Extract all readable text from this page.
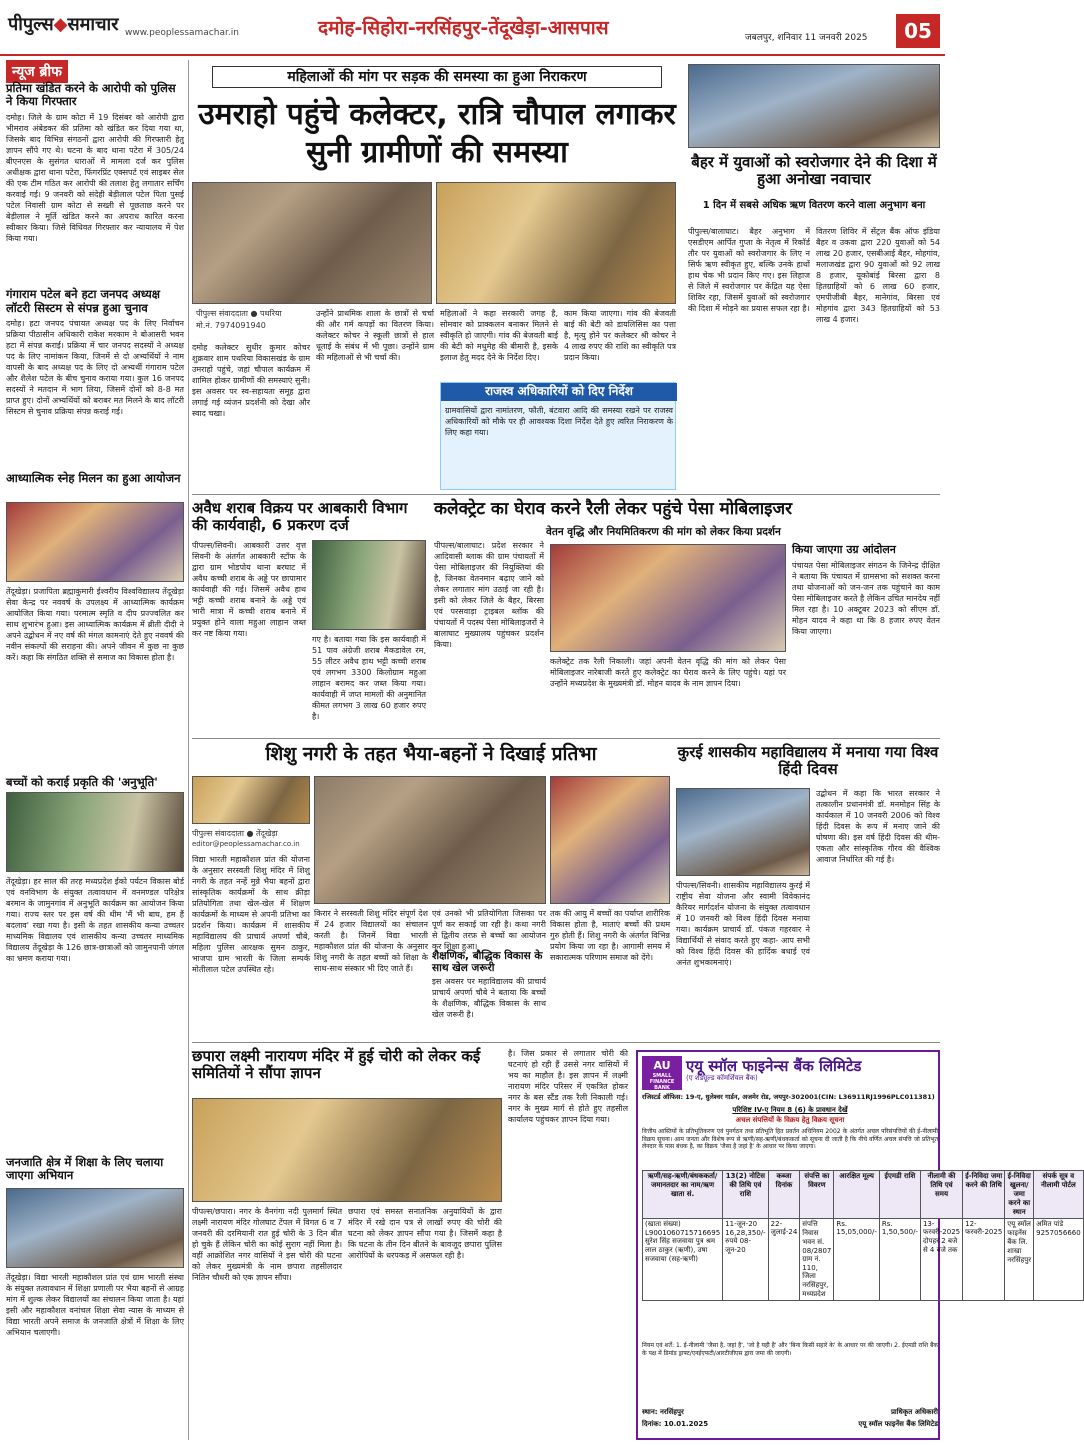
पीपुल्स◆समाचार www.peoplessamachar.in	दमोह-सिहोरा-नरसिंहपुर-तेंदूखेड़ा-आसपास	जबलपुर, शनिवार 11 जनवरी 2025	05
न्यूज ब्रीफ
प्रतिमा खंडित करने के आरोपी को पुलिस ने किया गिरफ्तार
दमोह। जिले के ग्राम कोटा में 19 दिसंबर को आरोपी द्वारा भीमराव अंबेडकर की प्रतिमा को खंडित कर दिया गया था, जिसके बाद विभिन्न संगठनों द्वारा आरोपी की गिरफ्तारी हेतु ज्ञापन सौंपे गए थे। घटना के बाद थाना पटेरा में 305/24 बीएनएस के सुसंगत धाराओं में मामला दर्ज कर पुलिस अधीक्षक द्वारा थाना पटेरा, फिंगरप्रिंट एक्सपर्ट एवं साइबर सेल की एक टीम गठित कर आरोपी की तलाश हेतु लगातार सर्चिंग करवाई गई। 9 जनवरी को संदेही बेड़ीलाल पटेल पिता पुसई पटेल निवासी ग्राम कोटा से सख्ती से पूछताछ करने पर बेड़ीलाल ने मूर्ति खंडित करने का अपराध कारित करना स्वीकार किया। जिसे विधिवत गिरफ्तार कर न्यायालय में पेश किया गया।
गंगाराम पटेल बने हटा जनपद अध्यक्ष
लॉटरी सिस्टम से संपन्न हुआ चुनाव
दमोह। हटा जनपद पंचायत अध्यक्ष पद के लिए निर्वाचन प्रक्रिया पीठासीन अधिकारी राकेश मरकाम ने बोआसरी भवन हटा में संपन्न कराई। प्रक्रिया में चार जनपद सदस्यों ने अध्यक्ष पद के लिए नामांकन किया, जिनमें से दो अभ्यर्थियों ने नाम वापसी के बाद अध्यक्ष पद के लिए दो अभ्यर्थी गंगाराम पटेल और शैलेश पटेल के बीच चुनाव कराया गया। कुल 16 जनपद सदस्यों ने मतदान में भाग लिया, जिसमें दोनों को 8-8 मत प्राप्त हुए। दोनों अभ्यर्थियों को बराबर मत मिलने के बाद लॉटरी सिस्टम से चुनाव प्रक्रिया संपन्न कराई गई।
आध्यात्मिक स्नेह मिलन का हुआ आयोजन
तेंदूखेड़ा। प्रजापिता ब्रह्माकुमारी ईश्वरीय विश्वविद्यालय तेंदूखेड़ा सेवा केन्द्र पर नववर्ष के उपलक्ष्य में आध्यात्मिक कार्यक्रम आयोजित किया गया। परमात्म स्मृति व दीप प्रज्ज्वलित कर साथ शुभारंभ हुआ। इस आध्यात्मिक कार्यक्रम में ब्रीती दीदी ने अपने उद्बोधन में नए वर्ष की मंगल कामनाएं देते हुए नववर्ष की नवीन संकल्पों की सराहना की। अपने जीवन में कुछ ना कुछ करें। कहा कि संगठित शक्ति से समाज का विकास होता है।
बच्चों को कराई प्रकृति की 'अनुभूति'
तेंदूखेड़ा। हर साल की तरह मध्यप्रदेश ईको पर्यटन विकास बोर्ड एवं वनविभाग के संयुक्त तत्वावधान में वनमण्डल परिक्षेत्र बरमान के जामुनगांव में अनुभूति कार्यक्रम का आयोजन किया गया। राज्य स्तर पर इस वर्ष की थीम 'मैं भी बाघ, हम हैं बदलाव' रखा गया है। इसी के तहत शासकीय कन्या उच्चतर माध्यमिक विद्यालय एवं शासकीय कन्या उच्चतर माध्यमिक विद्यालय तेंदूखेड़ा के 126 छात्र-छात्राओं को जामुनपानी जंगल का भ्रमण कराया गया।
जनजाति क्षेत्र में शिक्षा के लिए चलाया जाएगा अभियान
तेंदूखेड़ा। विद्या भारती महाकौशल प्रांत एवं ग्राम भारती संस्था के संयुक्त तत्वावधान में शिक्षा प्रणाली पर भैया बहनों से आग्रह मांग में शुल्क लेकर विद्यालयों का संचालन किया जाता है। यहां इसी और महाकौशल वनांचल शिक्षा सेवा न्यास के माध्यम से विद्या भारती अपने समाज के जनजाति क्षेत्रों में शिक्षा के लिए अभियान चलाएगी।
महिलाओं की मांग पर सड़क की समस्या का हुआ निराकरण
उमराहो पहुंचे कलेक्टर, रात्रि चौपाल लगाकर सुनी ग्रामीणों की समस्या
पीपुल्स संवाददाता ● पथरिया
मो.नं. 7974091940
दमोह कलेक्टर सुधीर कुमार कोचर शुक्रवार शाम पथरिया विकासखंड के ग्राम उमराहो पहुंचे, जहां चौपाल कार्यक्रम में शामिल होकर ग्रामीणों की समस्याएं सुनी। इस अवसर पर स्व-सहायता समूह द्वारा लगाई गई व्यंजन प्रदर्शनी को देखा और स्वाद चखा।
उन्होंने प्राथमिक शाला के छात्रों से चर्चा की और गर्म कपड़ों का वितरण किया। कलेक्टर कोचर ने स्कूली छात्रों से हाल धूताई के संबंध में भी पूछा। उन्होंने ग्राम की महिलाओं से भी चर्चा की।
महिलाओं ने कहा सरकारी जगह है, सोमवार को प्राक्कलन बनाकर मिलने से स्वीकृति हो जाएगी। गांव की बेजवती बाई की बेटी को मधुमेह की बीमारी है, इसके इलाज हेतु मदद देने के निर्देश दिए।
काम किया जाएगा। गांव की बेजवती बाई की बेटी को डायलिसिस का पत्ता है, मृत्यु होने पर कलेक्टर श्री कोचर ने 4 लाख रुपए की राशि का स्वीकृति पत्र प्रदान किया।
राजस्व अधिकारियों को दिए निर्देश
ग्रामवासियों द्वारा नामांतरण, फौती, बंटवारा आदि की समस्या रखने पर राजस्व अधिकारियों को मौके पर ही आवश्यक दिशा निर्देश देते हुए त्वरित निराकरण के लिए कहा गया।
बैहर में युवाओं को स्वरोजगार देने की दिशा में हुआ अनोखा नवाचार
1 दिन में सबसे अधिक ऋण वितरण करने वाला अनुभाग बना
पीपुल्स/बालाघाट। बैहर अनुभाग में एसडीएम आर्पित गुप्ता के नेतृत्व में रिकॉर्ड तौर पर युवाओं को स्वरोजगार के लिए न सिर्फ ऋण स्वीकृत हुए, बल्कि उनके हाथों हाथ चेक भी प्रदान किए गए। इस लिहाज से जिले में स्वरोजगार पर केंद्रित यह ऐसा शिविर रहा, जिसमें युवाओं को स्वरोजगार की दिशा में मोड़ने का प्रयास सफल रहा है।
वितरण शिविर में सेंट्रल बैंक ऑफ इंडिया बैहर व उकवा द्वारा 220 युवाओं को 54 लाख 20 हजार, एसबीआई बैहर, मोहगांव, मलाजखंड द्वारा 90 युवाओं को 92 लाख 8 हजार, यूकोबांई बिरसा द्वारा 8 हितग्राहियों को 6 लाख 60 हजार, एमपीजीबी बैहर, मानेगांव, बिरसा एवं मोहगांव द्वारा 343 हितग्राहियों को 53 लाख 4 हजार।
अवैध शराब विक्रय पर आबकारी विभाग की कार्यवाही, 6 प्रकरण दर्ज
पीपल्स/सिवनी। आबकारी उत्तर वृत्त सिवनी के अंतर्गत आबकारी स्टॉफ के द्वारा ग्राम भोडपोय थाना बरघाट में अवैध कच्ची शराब के अड्डे पर छापामार कार्यवाही की गई। जिसमें अवैध हाथ भट्टी कच्ची शराब बनाने के अड्डे एवं भारी मात्रा में कच्ची शराब बनाने में प्रयुक्त होने वाला महुआ लाहान जब्त कर नष्ट किया गया।
गए है। बताया गया कि इस कार्यवाही में 51 पाव अंग्रेजी शराब मैकडावेल रम, 55 लीटर अवैध हाथ भट्टी कच्ची शराब एवं लगभग 3300 किलोग्राम महुआ लाहान बरामद कर जब्त किया गया। कार्यवाही में जप्त मामलों की अनुमानित कीमत लगभग 3 लाख 60 हजार रुपए है।
कलेक्ट्रेट का घेराव करने रैली लेकर पहुंचे पेसा मोबिलाइजर
वेतन वृद्धि और नियमितिकरण की मांग को लेकर किया प्रदर्शन
पीपल्स/बालाघाट। प्रदेश सरकार ने आदिवासी ब्लाक की ग्राम पंचायतों में पेसा मोबिलाइजर की नियुक्तियां की है, जिनका वेतनमान बढ़ाए जाने को लेकर लगातार मांग उठाई जा रही है। इसी को लेकर जिले के बैहर, बिरसा एवं परसवाड़ा ट्राइबल ब्लॉक की पंचायतों में पदस्थ पेसा मोबिलाइजरों ने बालाघाट मुख्यालय पहुंचकर प्रदर्शन किया।
कलेक्ट्रेट तक रैली निकाली। जहां अपनी वेतन वृद्धि की मांग को लेकर पेसा मोबिलाइजर नारेबाजी करते हुए कलेक्ट्रेट का घेराव करने के लिए पहुंचे। यहां पर उन्होंने मध्यप्रदेश के मुख्यमंत्री डॉ. मोहन यादव के नाम ज्ञापन दिया।
किया जाएगा उग्र आंदोलन
पंचायत पेसा मोबिलाइजर संगठन के जिनेन्द्र दीक्षित ने बताया कि पंचायत में ग्रामसभा को सशक्त करना तथा योजनाओं को जन-जन तक पहुंचाने का काम पेसा मोबिलाइजर करते है लेकिन उचित मानदेय नहीं मिल रहा है। 10 अक्टूबर 2023 को सीएम डॉ. मोहन यादव ने कहा था कि 8 हजार रुपए वेतन किया जाएगा।
शिशु नगरी के तहत भैया-बहनों ने दिखाई प्रतिभा
पीपुल्स संवाददाता ● तेंदूखेड़ा
editor@peoplessamachar.co.in
विद्या भारती महाकौशल प्रांत की योजना के अनुसार सरस्वती शिशु मंदिर में शिशु नगरी के तहत नन्हें मुन्ने भैया बहनों द्वारा सांस्कृतिक कार्यक्रमों के साथ क्रीड़ा प्रतियोगिता तथा खेल-खेल में शिक्षण कार्यक्रमों के माध्यम से अपनी प्रतिभा का प्रदर्शन किया। कार्यक्रम में शासकीय महाविद्यालय की प्राचार्य अपर्णा चौबे, महिला पुलिस आरक्षक सुमन ठाकुर, भाजपा ग्राम भारती के जिला सम्पर्क मोतीलाल पटेल उपस्थित रहे।
किरार ने सरस्वती शिशु मंदिर संपूर्ण देश में 24 हजार विद्यालयों का संचालन करती है। जिनमें विद्या भारती महाकौशल प्रांत की योजना के अनुसार शिशु नगरी के तहत बच्चों को शिक्षा के साथ-साथ संस्कार भी दिए जाते हैं।
एवं उनको भी प्रतियोगिता जिसका पर पूर्ण कर सकाई जा रही है। कथा नगरी से द्वितीय तरफ़ से बच्चों का आयोजन कर शिक्षा हुआ।
शैक्षणिक, बौद्धिक विकास के साथ खेल जरूरी
इस अवसर पर महाविद्यालय की प्राचार्य प्राचार्य अपर्णा चौबे ने बताया कि बच्चों के शैक्षणिक, बौद्धिक विकास के साथ खेल जरूरी है।
तक की आयु में बच्चों का पर्याप्त शारीरिक विकास होता है, माताएं बच्चों की प्रथम गुरु होती हैं। शिशु नगरी के अंतर्गत विभिन्न प्रयोग किया जा रहा है। आगामी समय में सकारात्मक परिणाम समाज को देंगे।
कुरई शासकीय महाविद्यालय में मनाया गया विश्व हिंदी दिवस
पीपल्स/सिवनी। शासकीय महाविद्यालय कुरई में राष्ट्रीय सेवा योजना और स्वामी विवेकानंद कैरियर मार्गदर्शन योजना के संयुक्त तत्वावधान में 10 जनवरी को विश्व हिंदी दिवस मनाया गया। कार्यक्रम प्राचार्य डॉ. पंकज गहरवार ने विद्यार्थियों से संवाद करते हुए कहा- आप सभी को विश्व हिंदी दिवस की हार्दिक बधाई एवं अनंत शुभकामनाएं।
उद्बोधन में कहा कि भारत सरकार ने तत्कालीन प्रधानमंत्री डॉ. मनमोहन सिंह के कार्यकाल में 10 जनवरी 2006 को विश्व हिंदी दिवस के रूप में मनाए जाने की घोषणा की। इस वर्ष हिंदी दिवस की थीम-एकता और सांस्कृतिक गौरव की वैश्विक आवाज निर्धारित की गई है।
छपारा लक्ष्मी नारायण मंदिर में हुई चोरी को लेकर कई समितियों ने सौंपा ज्ञापन
पीपल्स/छपारा। नगर के वैनगंगा नदी पुलमार्ग स्थित लक्ष्मी नारायण मंदिर गोलघाट टेंपल में विगत 6 व 7 जनवरी की दरमियानी रात हुई चोरी के 3 दिन बीत हो चुके हैं लेकिन चोरी का कोई सुराग नहीं मिला है। वहीं आक्रोशित नगर वासियों ने इस चोरी की घटना को लेकर मुख्यमंत्री के नाम छपारा तहसीलदार नितिन चौधरी को एक ज्ञापन सौंपा।
छपारा एवं समस्त सनातनिक अनुयायियों के द्वारा मंदिर में रखे दान पत्र से लाखों रुपए की चोरी की घटना को लेकर ज्ञापन सौंपा गया है। जिसमें कहा है कि घटना के तीन दिन बीतने के बावजूद छपारा पुलिस आरोपियों के धरपकड़ में असफल रही है।
है। जिस प्रकार से लगातार चोरी की घटनाएं हो रही हैं उससे नगर वासियों में भय का माहौल है। इस ज्ञापन में लक्ष्मी नारायण मंदिर परिसर में एकत्रित होकर नगर के बस स्टैंड तक रैली निकाली गई। नगर के मुख्य मार्ग से होते हुए तहसील कार्यालय पहुंचकर ज्ञापन दिया गया।
AU
SMALL FINANCE BANK
एयू स्मॉल फाइनेन्स बैंक लिमिटेड
(ए शेड्यूल्ड कॉमर्शियल बैंक)
रजिस्टर्ड ऑफिस: 19-ए, धुलेश्वर गार्डन, अजमेर रोड, जयपुर-302001(CIN: L36911RJ1996PLC011381)
परिशिष्ट IV-ए नियम 8 (6) के प्रावधान देखें
अचल संपत्तियों के विक्रय हेतु विक्रय सूचना
वित्तीय आस्तियों के प्रतिभूतिकरण एवं पुनर्गठन तथा प्रतिभूति हित प्रवर्तन अधिनियम 2002 के अंतर्गत अचल परिसंपत्तियों की ई-नीलामी विक्रय सूचना। आम जनता और विशेष रूप से ऋणी/सह-ऋणी/बंधककर्ता को सूचना दी जाती है कि नीचे वर्णित अचल संपत्ति जो प्रतिभूत लेनदार के पास बंधक है, का विक्रय 'जैसा है जहां है' के आधार पर किया जाएगा।
ऋणी/सह-ऋणी/बंधककर्ता/जमानतदार का नाम/ऋण खाता सं.	13(2) नोटिस की तिथि एवं राशि	कब्जा दिनांक	संपत्ति का विवरण	आरक्षित मूल्य	ईएमडी राशि	नीलामी की तिथि एवं समय	ई-निविदा जमा करने की तिथि	ई-निविदा खुलना/जमा करने का स्थान	संपर्क सूत्र व नीलामी पोर्टल
(खाता संख्या) L9001060715716695 सुरेश सिंह सजवाया पुत्र श्रम लाल ठाकुर (ऋणी), उषा सजवाया (सह-ऋणी)	11-जून-20 16,28,350/- रुपये 08-जून-20	22-जुलाई-24	संपत्ति निवास भवन सं. 08/2807 ग्राम नं. 110, जिला नरसिंहपुर, मध्यप्रदेश	Rs. 15,05,000/-	Rs. 1,50,500/-	13-फरवरी-2025 दोपहर 2 बजे से 4 बजे तक	12-फरवरी-2025	एयू स्मॉल फाइनेंस बैंक लि. शाखा नरसिंहपुर	अमित पांडे 9257056660
नियम एवं शर्तें: 1. ई-नीलामी 'जैसा है, जहां है', 'जो है यही है' और 'बिना किसी सहारे के' के आधार पर की जाएगी। 2. ईएमडी राशि बैंक के पक्ष में डिमांड ड्राफ्ट/एनईएफटी/आरटीजीएस द्वारा जमा की जाएगी।
स्थान: नरसिंहपुर
दिनांक: 10.01.2025
प्राधिकृत अधिकारी
एयू स्मॉल फाइनेंस बैंक लिमिटेड
